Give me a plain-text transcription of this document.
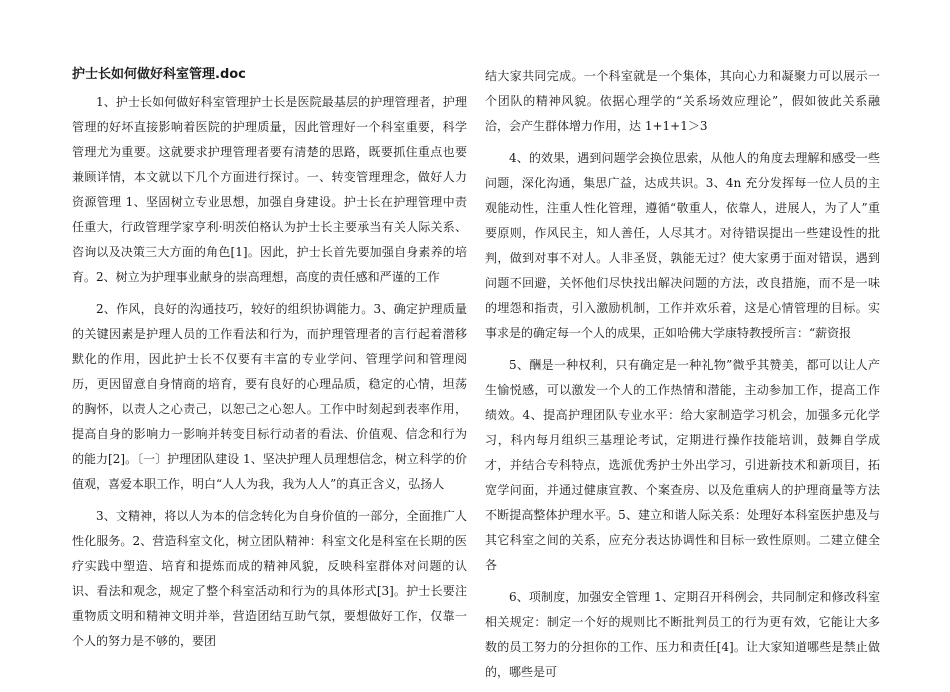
护士长如何做好科室管理.doc

1、护士长如何做好科室管理护士长是医院最基层的护理管理者，护理管理的好坏直接影响着医院的护理质量，因此管理好一个科室重要，科学管理尤为重要。这就要求护理管理者要有清楚的思路，既要抓住重点也要兼顾详情，本文就以下几个方面进行探讨。一、转变管理理念，做好人力资源管理 1、坚固树立专业思想，加强自身建设。护士长在护理管理中责任重大，行政管理学家亨利·明茨伯格认为护士长主要承当有关人际关系、咨询以及决策三大方面的角色[1]。因此，护士长首先要加强自身素养的培育。2、树立为护理事业献身的崇高理想，高度的责任感和严谨的工作

2、作风，良好的沟通技巧，较好的组织协调能力。3、确定护理质量的关键因素是护理人员的工作看法和行为，而护理管理者的言行起着潜移默化的作用，因此护士长不仅要有丰富的专业学问、管理学问和管理阅历，更因留意自身情商的培育，要有良好的心理品质，稳定的心情，坦荡的胸怀，以责人之心责己，以恕己之心恕人。工作中时刻起到表率作用，提高自身的影响力一影响并转变目标行动者的看法、价值观、信念和行为的能力[2]。〔一〕护理团队建设 1、坚决护理人员理想信念，树立科学的价值观，喜爱本职工作，明白“人人为我，我为人人”的真正含义，弘扬人

3、文精神，将以人为本的信念转化为自身价值的一部分，全面推广人性化服务。2、营造科室文化，树立团队精神：科室文化是科室在长期的医疗实践中塑造、培育和提炼而成的精神风貌，反映科室群体对问题的认识、看法和观念，规定了整个科室活动和行为的具体形式[3]。护士长要注重物质文明和精神文明并举，营造团结互助气氛，要想做好工作，仅靠一个人的努力是不够的，要团

结大家共同完成。一个科室就是一个集体，其向心力和凝聚力可以展示一个团队的精神风貌。依据心理学的“关系场效应理论”，假如彼此关系融洽，会产生群体增力作用，达 1+1+1＞3

4、的效果，遇到问题学会换位思索，从他人的角度去理解和感受一些问题，深化沟通，集思广益，达成共识。3、4n 充分发挥每一位人员的主观能动性，注重人性化管理，遵循“敬重人，依靠人，进展人，为了人”重要原则，作风民主，知人善任，人尽其才。对待错误提出一些建设性的批判，做到对事不对人。人非圣贤，孰能无过？使大家勇于面对错误，遇到问题不回避，关怀他们尽快找出解决问题的方法，改良措施，而不是一味的埋怨和指责，引入激励机制，工作并欢乐着，这是心情管理的目标。实事求是的确定每一个人的成果，正如哈佛大学康特教授所言：“薪资报

5、酬是一种权利，只有确定是一种礼物”微乎其赞美，都可以让人产生愉悦感，可以激发一个人的工作热情和潜能，主动参加工作，提高工作绩效。4、提高护理团队专业水平：给大家制造学习机会，加强多元化学习，科内每月组织三基理论考试，定期进行操作技能培训，鼓舞自学成才，并结合专科特点，选派优秀护士外出学习，引进新技术和新项目，拓宽学问面，并通过健康宣教、个案查房、以及危重病人的护理商量等方法不断提高整体护理水平。5、建立和谐人际关系：处理好本科室医护患及与其它科室之间的关系，应充分表达协调性和目标一致性原则。二建立健全各

6、项制度，加强安全管理 1、定期召开科例会，共同制定和修改科室相关规定：制定一个好的规则比不断批判员工的行为更有效，它能让大多数的员工努力的分担你的工作、压力和责任[4]。让大家知道哪些是禁止做的，哪些是可
